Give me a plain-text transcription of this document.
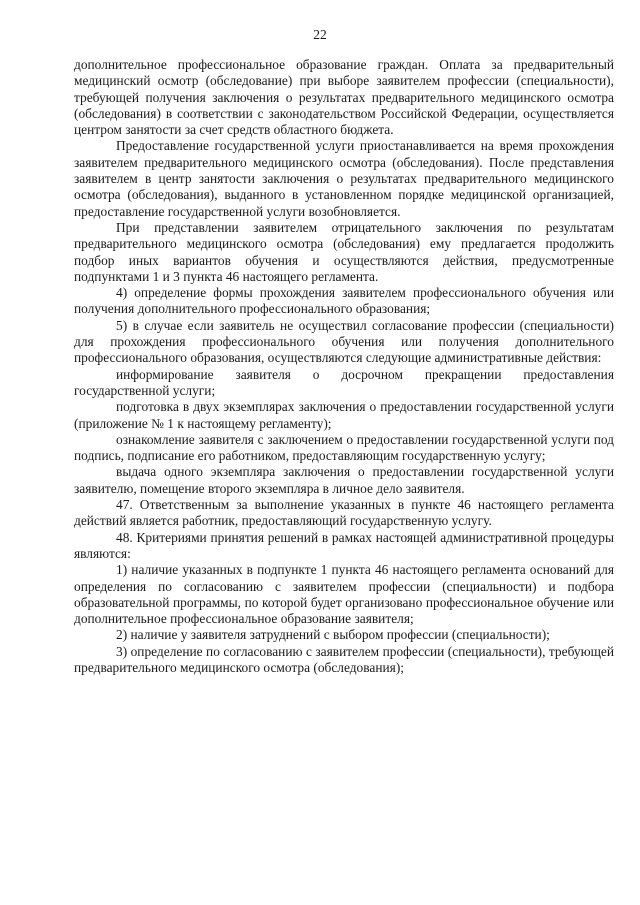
22

дополнительное профессиональное образование граждан. Оплата за предварительный медицинский осмотр (обследование) при выборе заявителем профессии (специальности), требующей получения заключения о результатах предварительного медицинского осмотра (обследования) в соответствии с законодательством Российской Федерации, осуществляется центром занятости за счет средств областного бюджета.

Предоставление государственной услуги приостанавливается на время прохождения заявителем предварительного медицинского осмотра (обследования). После представления заявителем в центр занятости заключения о результатах предварительного медицинского осмотра (обследования), выданного в установленном порядке медицинской организацией, предоставление государственной услуги возобновляется.

При представлении заявителем отрицательного заключения по результатам предварительного медицинского осмотра (обследования) ему предлагается продолжить подбор иных вариантов обучения и осуществляются действия, предусмотренные подпунктами 1 и 3 пункта 46 настоящего регламента.

4) определение формы прохождения заявителем профессионального обучения или получения дополнительного профессионального образования;

5) в случае если заявитель не осуществил согласование профессии (специальности) для прохождения профессионального обучения или получения дополнительного профессионального образования, осуществляются следующие административные действия:

информирование заявителя о досрочном прекращении предоставления государственной услуги;

подготовка в двух экземплярах заключения о предоставлении государственной услуги (приложение № 1 к настоящему регламенту);

ознакомление заявителя с заключением о предоставлении государственной услуги под подпись, подписание его работником, предоставляющим государственную услугу;

выдача одного экземпляра заключения о предоставлении государственной услуги заявителю, помещение второго экземпляра в личное дело заявителя.

47. Ответственным за выполнение указанных в пункте 46 настоящего регламента действий является работник, предоставляющий государственную услугу.

48. Критериями принятия решений в рамках настоящей административной процедуры являются:

1) наличие указанных в подпункте 1 пункта 46 настоящего регламента оснований для определения по согласованию с заявителем профессии (специальности) и подбора образовательной программы, по которой будет организовано профессиональное обучение или дополнительное профессиональное образование заявителя;

2) наличие у заявителя затруднений с выбором профессии (специальности);

3) определение по согласованию с заявителем профессии (специальности), требующей предварительного медицинского осмотра (обследования);
